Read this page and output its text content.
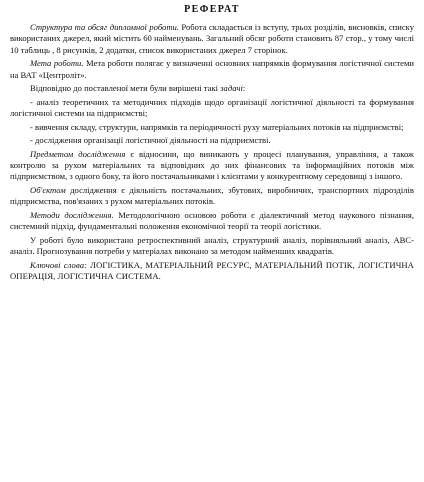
РЕФЕРАТ

Структура та обсяг дипломної роботи. Робота складається із вступу, трьох розділів, висновків, списку використаних джерел, який містить 60 найменувань. Загальний обсяг роботи становить 87 стор., у тому числі 10 таблиць , 8 рисунків, 2 додатки, список використаних джерел 7 сторінок.

Мета роботи. Мета роботи полягає у визначенні основних напрямків формування логістичної системи на ВАТ «Центроліт».

Відповідно до поставленої мети були вирішені такі задачі:

- аналіз теоретичних та методичних підходів щодо організації логістичної діяльності та формування логістичної системи на підприємстві;

- вивчення складу, структури, напрямків та періодичності руху матеріальних потоків на підприємстві;

- дослідження організації логістичної діяльності на підприємстві.

Предметом дослідження є відносини, що виникають у процесі планування, управління, а також контролю за рухом матеріальних та відповідних до них фінансових та інформаційних потоків між підприємством, з одного боку, та його постачальниками і клієнтами у конкурентному середовищі з іншого.

Об'єктом дослідження є діяльність постачальних, збутових, виробничих, транспортних підрозділів підприємства, пов'язаних з рухом матеріальних потоків.

Методи дослідження. Методологічною основою роботи є діалектичний метод наукового пізнання, системний підхід, фундаментальні положення економічної теорії та теорії логістики.

У роботі було використано ретроспективний аналіз, структурний аналіз, порівняльний аналіз, АВС-аналіз. Прогнозування потреби у матеріалах виконано за методом найменших квадратів.

Ключові слова: ЛОГІСТИКА, МАТЕРІАЛЬНИЙ РЕСУРС, МАТЕРІАЛЬНИЙ ПОТІК, ЛОГІСТИЧНА ОПЕРАЦІЯ, ЛОГІСТИЧНА СИСТЕМА.
